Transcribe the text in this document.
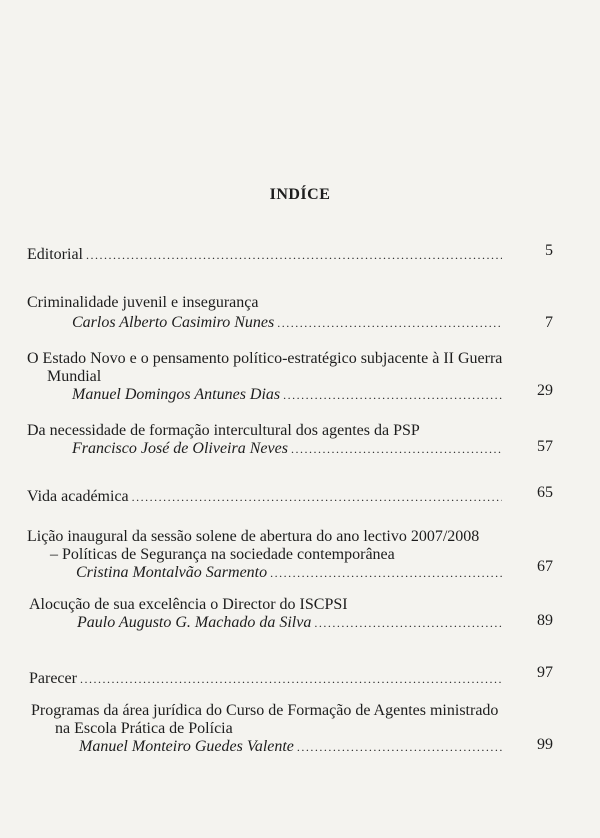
INDÍCE
Editorial .....	5
Criminalidade juvenil e insegurança
Carlos Alberto Casimiro Nunes .....	7
O Estado Novo e o pensamento político-estratégico subjacente à II Guerra
Mundial
Manuel Domingos Antunes Dias .....	29
Da necessidade de formação intercultural dos agentes da PSP
Francisco José de Oliveira Neves .....	57
Vida académica .....	65
Lição inaugural da sessão solene de abertura do ano lectivo 2007/2008
– Políticas de Segurança na sociedade contemporânea
Cristina Montalvão Sarmento .....	67
Alocução de sua excelência o Director do ISCPSI
Paulo Augusto G. Machado da Silva .....	89
Parecer .....	97
Programas da área jurídica do Curso de Formação de Agentes ministrado
na Escola Prática de Polícia
Manuel Monteiro Guedes Valente .....	99
